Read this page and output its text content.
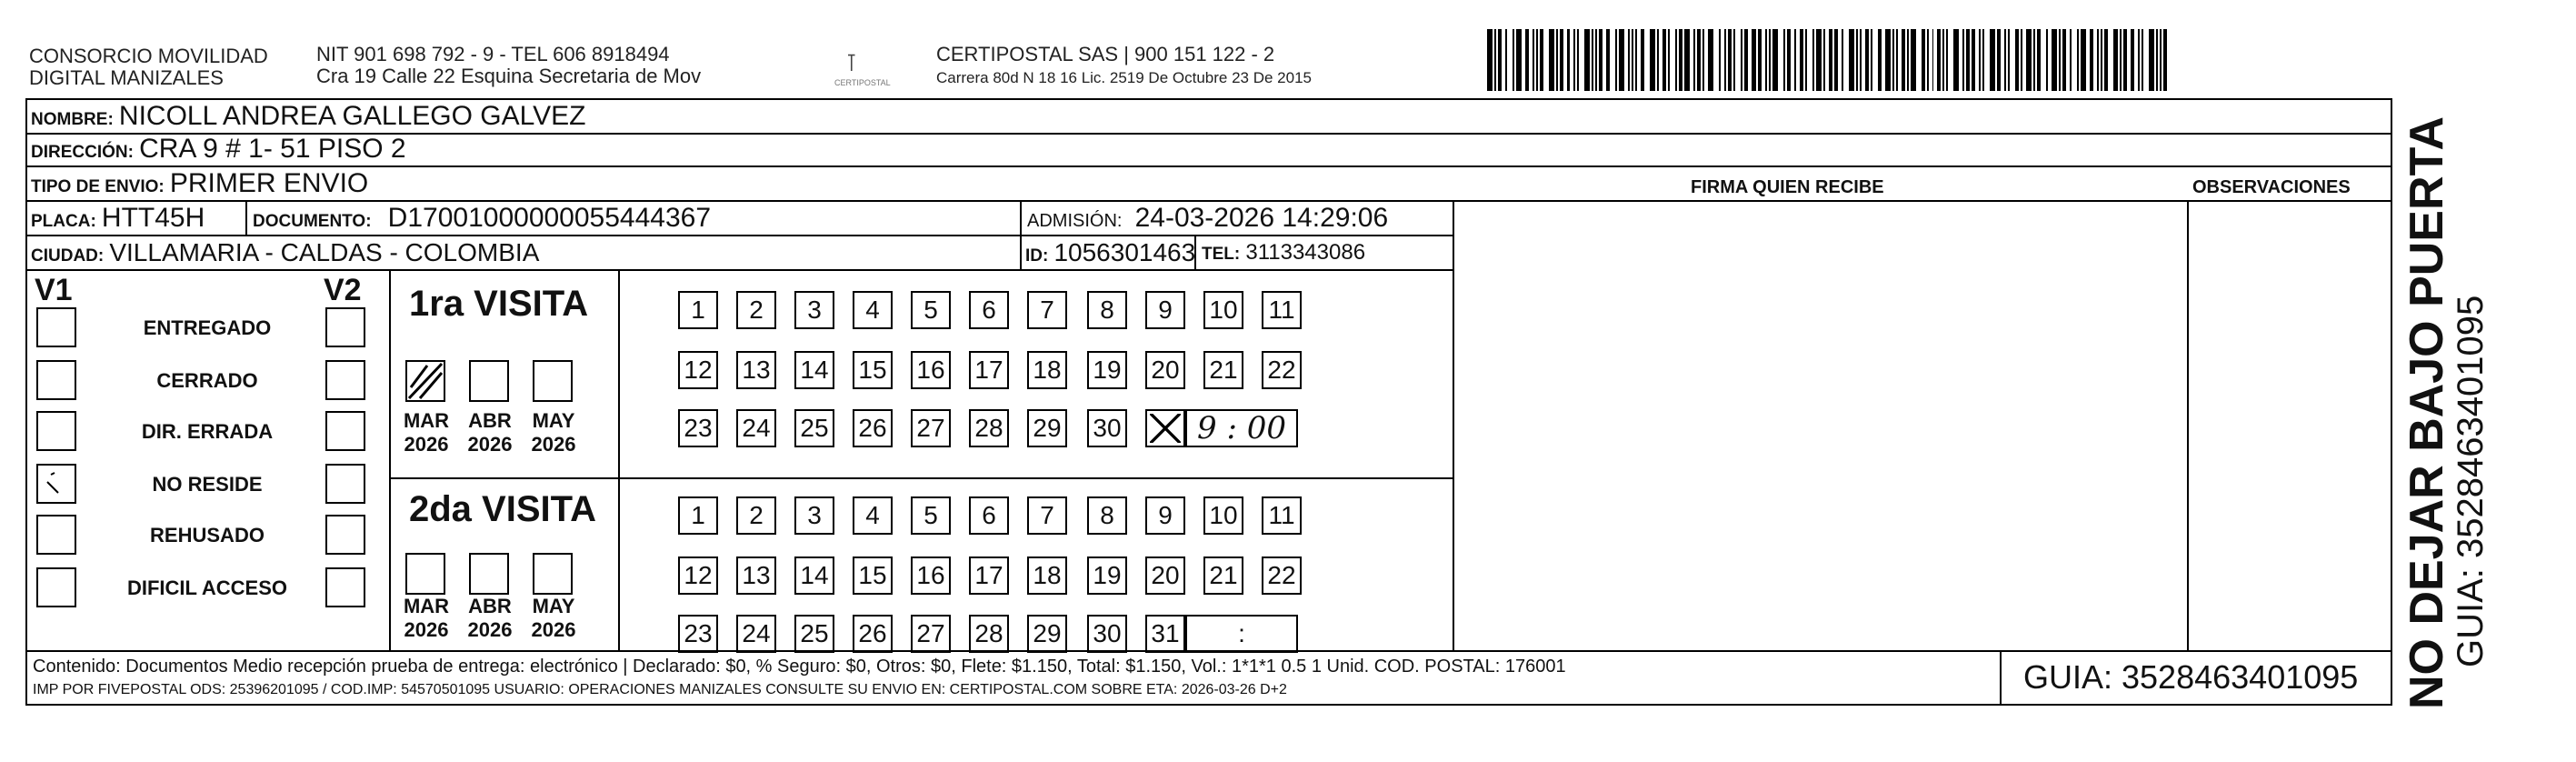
CONSORCIO MOVILIDAD
DIGITAL MANIZALES
NIT 901 698 792 - 9 - TEL 606 8918494
Cra 19 Calle 22 Esquina Secretaria de Mov	⊺
CERTIPOSTAL
CERTIPOSTAL SAS | 900 151 122 - 2
Carrera 80d N 18 16 Lic. 2519 De Octubre 23 De 2015
NOMBRE: NICOLL ANDREA GALLEGO GALVEZ
DIRECCIÓN: CRA 9 # 1- 51 PISO 2
TIPO DE ENVIO: PRIMER ENVIO	FIRMA QUIEN RECIBE	OBSERVACIONES
PLACA: HTT45H	DOCUMENTO: D17001000000055444367	ADMISIÓN: 24-03-2026 14:29:06
CIUDAD: VILLAMARIA - CALDAS - COLOMBIA	ID: 1056301463 TEL: 3113343086
V1	V2 1ra VISITA
2da VISITA
Contenido: Documentos Medio recepción prueba de entrega: electrónico | Declarado: $0, % Seguro: $0, Otros: $0, Flete: $1.150, Total: $1.150, Vol.: 1*1*1 0.5 1 Unid. COD. POSTAL: 176001
IMP POR FIVEPOSTAL ODS: 25396201095 / COD.IMP: 54570501095 USUARIO: OPERACIONES MANIZALES CONSULTE SU ENVIO EN: CERTIPOSTAL.COM SOBRE ETA: 2026-03-26 D+2	GUIA: 3528463401095
ENTREGADO
CERRADO
DIR. ERRADA
NO RESIDE
REHUSADO
DIFICIL ACCESO
MAR
2026
ABR
2026
MAY
2026
MAR
2026
ABR
2026
MAY
2026
1	2	3	4	5	6	7	8	9	10 11
12 13 14 15 16 17 18 19 20 21 22
23 24 25 26 27 28 29 30	9 : 00
1	2	3	4	5	6	7	8	9	10 11
12 13 14 15 16 17 18 19 20 21 22
23 24 25 26 27 28 29 30 31	:	NO DEJAR BAJO PUERTA
GUIA: 3528463401095
